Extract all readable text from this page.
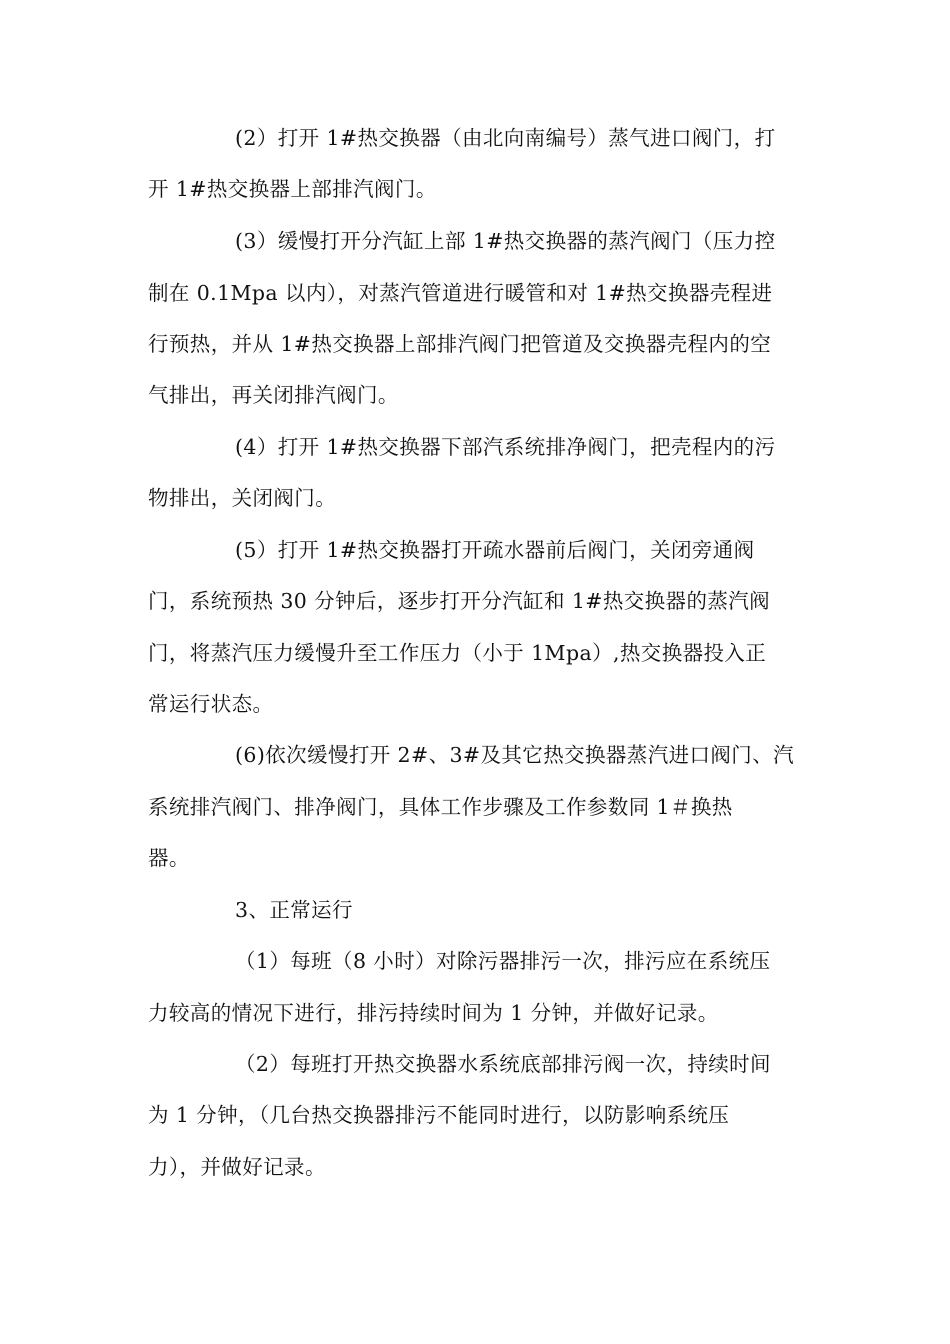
(2）打开 1#热交换器（由北向南编号）蒸气进口阀门，打

开 1#热交换器上部排汽阀门。

(3）缓慢打开分汽缸上部 1#热交换器的蒸汽阀门（压力控

制在 0.1Mpa 以内），对蒸汽管道进行暖管和对 1#热交换器壳程进

行预热，并从 1#热交换器上部排汽阀门把管道及交换器壳程内的空

气排出，再关闭排汽阀门。

(4）打开 1#热交换器下部汽系统排净阀门，把壳程内的污

物排出，关闭阀门。

(5）打开 1#热交换器打开疏水器前后阀门，关闭旁通阀

门，系统预热 30 分钟后，逐步打开分汽缸和 1#热交换器的蒸汽阀

门，将蒸汽压力缓慢升至工作压力（小于 1Mpa）,热交换器投入正

常运行状态。

(6)依次缓慢打开 2#、3#及其它热交换器蒸汽进口阀门、汽

系统排汽阀门、排净阀门，具体工作步骤及工作参数同 1＃换热

器。

3、正常运行

（1）每班（8 小时）对除污器排污一次，排污应在系统压

力较高的情况下进行，排污持续时间为 1 分钟，并做好记录。

（2）每班打开热交换器水系统底部排污阀一次，持续时间

为 1 分钟，（几台热交换器排污不能同时进行，以防影响系统压

力），并做好记录。
